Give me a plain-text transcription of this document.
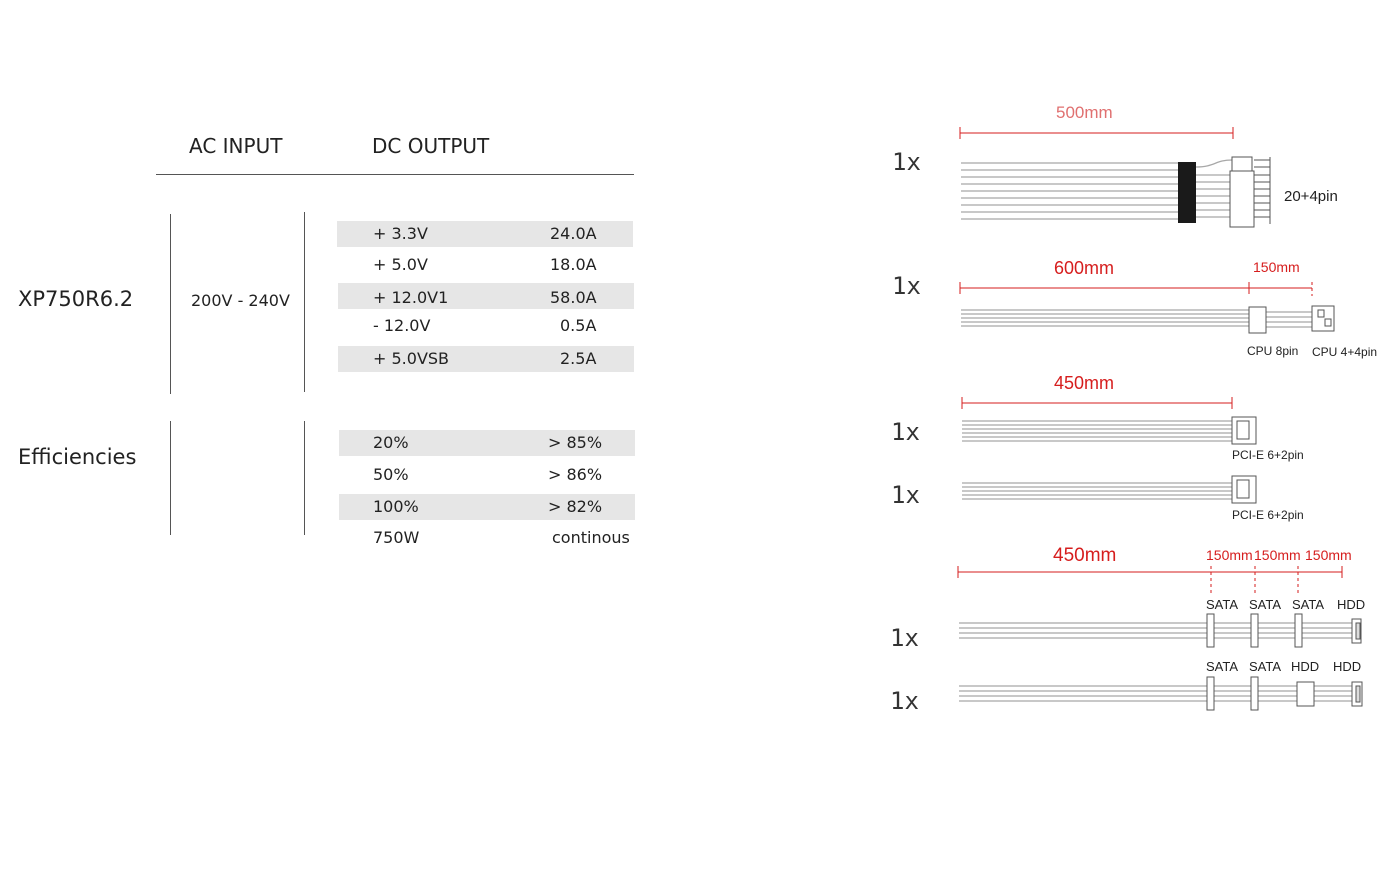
AC INPUT	DC OUTPUT
XP750R6.2	200V - 240V
+ 3.3V	24.0A
+ 5.0V	18.0A
+ 12.0V1	58.0A
- 12.0V	0.5A
+ 5.0VSB	2.5A
Efficiencies
20%	> 85%
50%	> 86%
100%	> 82%
750W	continous
500mm
1x
20+4pin
600mm	150mm
1x
CPU 8pin CPU 4+4pin
450mm
1x
PCI-E 6+2pin
1x
PCI-E 6+2pin
450mm	150mm 150mm 150mm
SATA SATA SATA HDD
1x
SATA SATA HDD HDD
1x
